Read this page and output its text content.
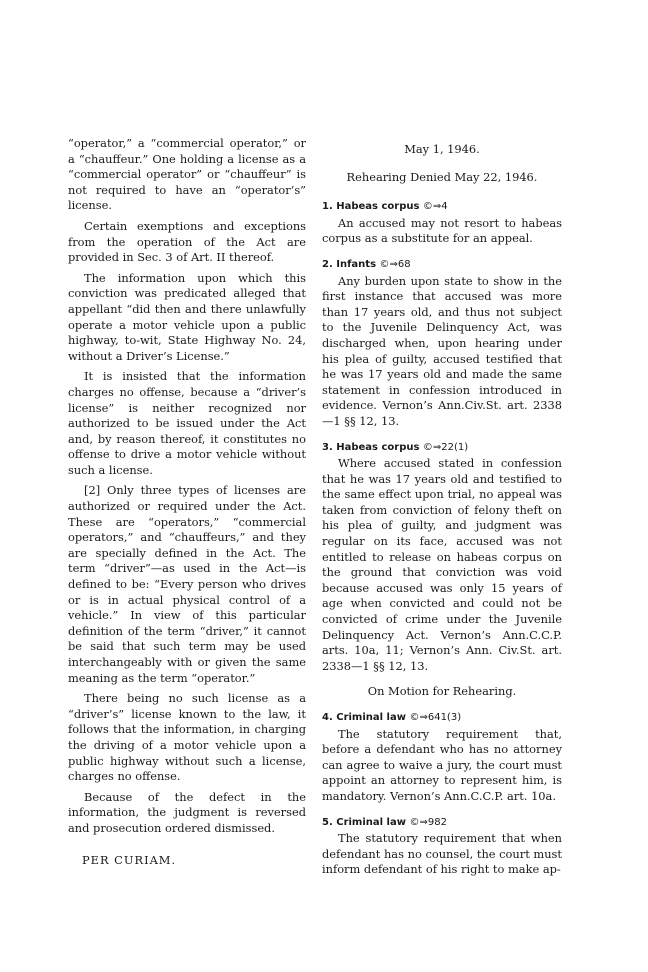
“operator,” a “commercial operator,” or a “chauffeur.” One holding a license as a “commercial operator” or “chauffeur” is not required to have an “operator’s” license.

Certain exemptions and exceptions from the operation of the Act are provided in Sec. 3 of Art. II thereof.

The information upon which this conviction was predicated alleged that appellant “did then and there unlawfully operate a motor vehicle upon a public highway, to-wit, State Highway No. 24, without a Driver’s License.”

It is insisted that the information charges no offense, because a “driver’s license” is neither recognized nor authorized to be issued under the Act and, by reason thereof, it constitutes no offense to drive a motor vehicle without such a license.

[2] Only three types of licenses are authorized or required under the Act. These are “operators,” “commercial operators,” and “chauffeurs,” and they are specially defined in the Act. The term “driver”—as used in the Act—is defined to be: “Every person who drives or is in actual physical control of a vehicle.” In view of this particular definition of the term “driver,” it cannot be said that such term may be used interchangeably with or given the same meaning as the term “operator.”

There being no such license as a “driver’s” license known to the law, it follows that the information, in charging the driving of a motor vehicle upon a public highway without such a license, charges no offense.

Because of the defect in the information, the judgment is reversed and prosecution ordered dismissed.

PER CURIAM.

May 1, 1946.

Rehearing Denied May 22, 1946.

1. Habeas corpus ©⇒4

An accused may not resort to habeas corpus as a substitute for an appeal.

2. Infants ©⇒68

Any burden upon state to show in the first instance that accused was more than 17 years old, and thus not subject to the Juvenile Delinquency Act, was discharged when, upon hearing under his plea of guilty, accused testified that he was 17 years old and made the same statement in confession introduced in evidence. Vernon’s Ann.Civ.St. art. 2338—1 §§ 12, 13.

3. Habeas corpus ©⇒22(1)

Where accused stated in confession that he was 17 years old and testified to the same effect upon trial, no appeal was taken from conviction of felony theft on his plea of guilty, and judgment was regular on its face, accused was not entitled to release on habeas corpus on the ground that conviction was void because accused was only 15 years of age when convicted and could not be convicted of crime under the Juvenile Delinquency Act. Vernon’s Ann.C.C.P. arts. 10a, 11; Vernon’s Ann. Civ.St. art. 2338—1 §§ 12, 13.

On Motion for Rehearing.

4. Criminal law ©⇒641(3)

The statutory requirement that, before a defendant who has no attorney can agree to waive a jury, the court must appoint an attorney to represent him, is mandatory. Vernon’s Ann.C.C.P. art. 10a.

5. Criminal law ©⇒982

The statutory requirement that when defendant has no counsel, the court must inform defendant of his right to make ap-
